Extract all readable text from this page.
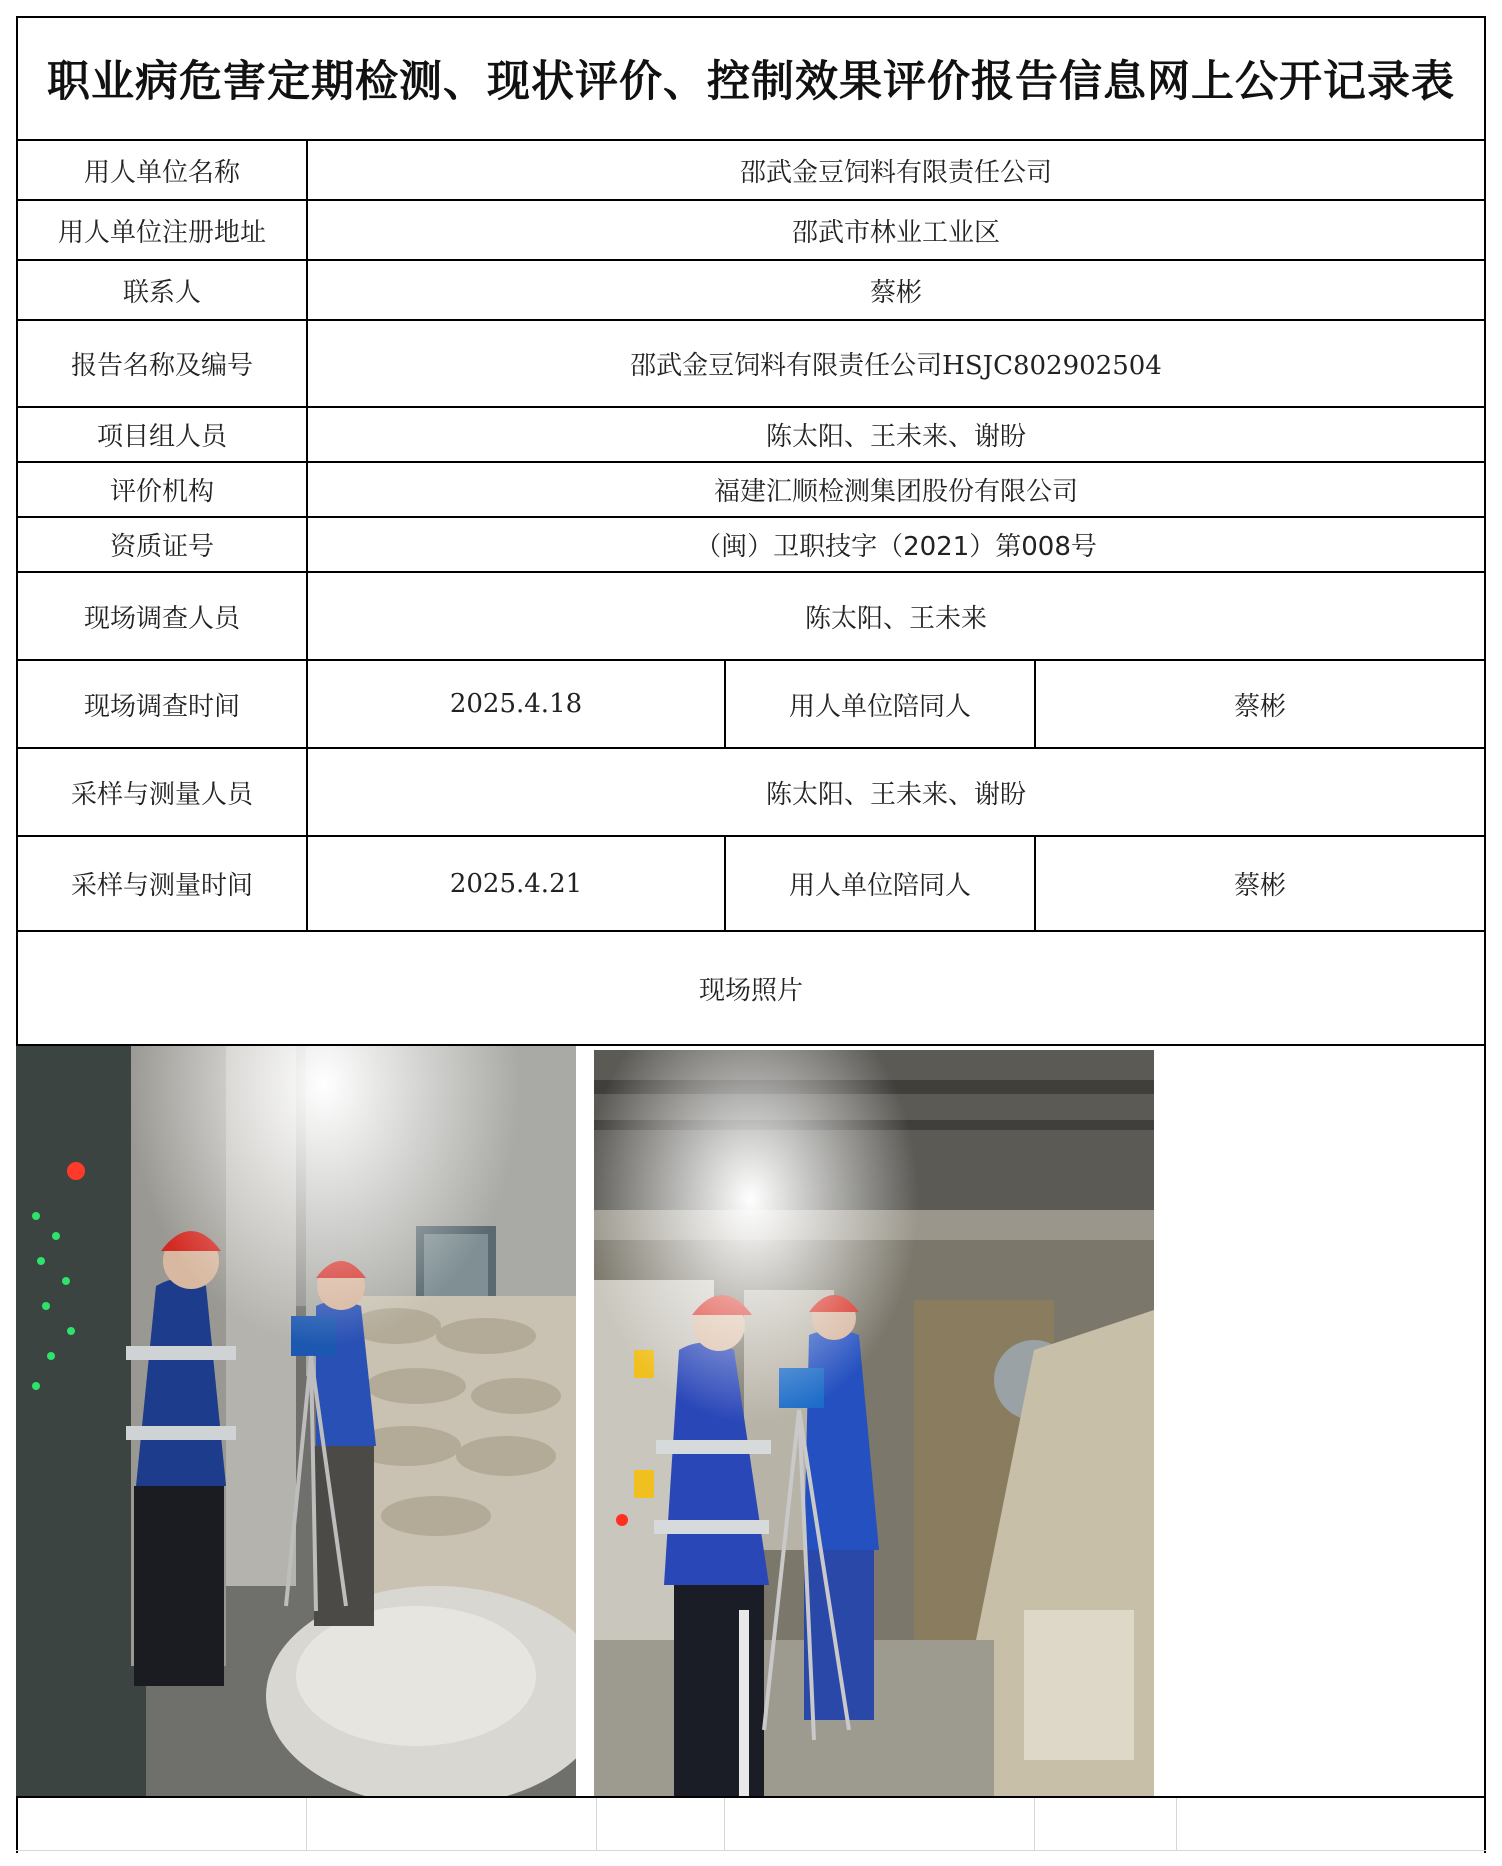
职业病危害定期检测、现状评价、控制效果评价报告信息网上公开记录表
用人单位名称	邵武金豆饲料有限责任公司
用人单位注册地址	邵武市林业工业区
联系人	蔡彬
报告名称及编号	邵武金豆饲料有限责任公司HSJC802902504
项目组人员	陈太阳、王未来、谢盼
评价机构	福建汇顺检测集团股份有限公司
资质证号	（闽）卫职技字（2021）第008号
现场调查人员	陈太阳、王未来
现场调查时间	2025.4.18	用人单位陪同人	蔡彬
采样与测量人员	陈太阳、王未来、谢盼
采样与测量时间	2025.4.21	用人单位陪同人	蔡彬
现场照片
